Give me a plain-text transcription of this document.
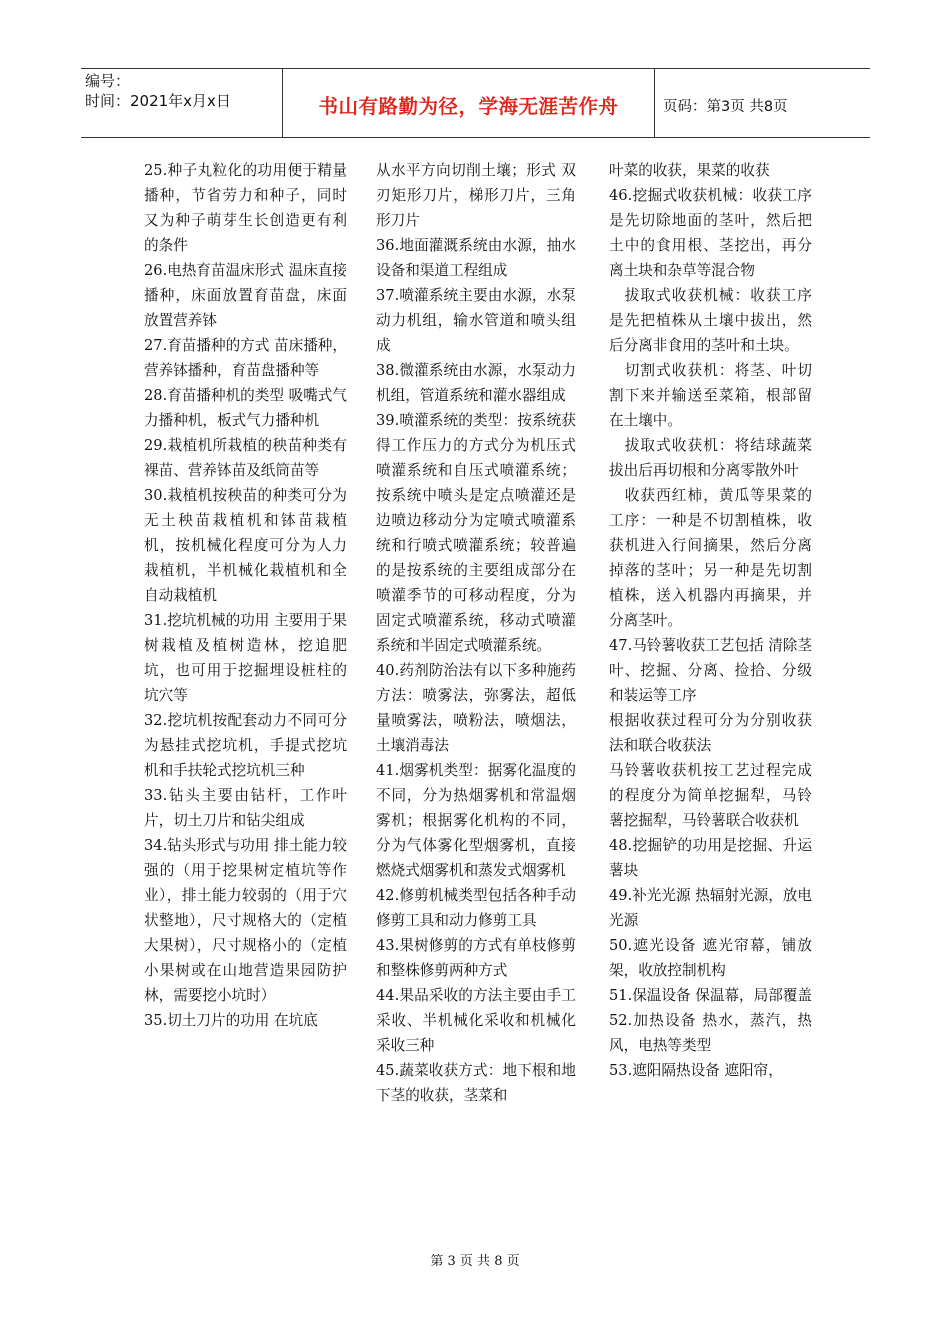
编号：
时间：2021年x月x日	书山有路勤为径，学海无涯苦作舟	页码：第3页 共8页

25.种子丸粒化的功用便于精量播种，节省劳力和种子，同时又为种子萌芽生长创造更有利的条件

26.电热育苗温床形式 温床直接播种，床面放置育苗盘，床面放置营养钵

27.育苗播种的方式 苗床播种，营养钵播种，育苗盘播种等

28.育苗播种机的类型 吸嘴式气力播种机，板式气力播种机

29.栽植机所栽植的秧苗种类有裸苗、营养钵苗及纸筒苗等

30.栽植机按秧苗的种类可分为无土秧苗栽植机和钵苗栽植机，按机械化程度可分为人力栽植机，半机械化栽植机和全自动栽植机

31.挖坑机械的功用 主要用于果树栽植及植树造林，挖追肥坑，也可用于挖掘埋设桩柱的坑穴等

32.挖坑机按配套动力不同可分为悬挂式挖坑机，手提式挖坑机和手扶轮式挖坑机三种

33.钻头主要由钻杆，工作叶片，切土刀片和钻尖组成

34.钻头形式与功用 排土能力较强的（用于挖果树定植坑等作业），排土能力较弱的（用于穴状整地），尺寸规格大的（定植大果树），尺寸规格小的（定植小果树或在山地营造果园防护林，需要挖小坑时）

35.切土刀片的功用 在坑底

从水平方向切削土壤；形式 双刃矩形刀片，梯形刀片，三角形刀片

36.地面灌溉系统由水源，抽水设备和渠道工程组成

37.喷灌系统主要由水源，水泵动力机组，输水管道和喷头组成

38.微灌系统由水源，水泵动力机组，管道系统和灌水器组成

39.喷灌系统的类型：按系统获得工作压力的方式分为机压式喷灌系统和自压式喷灌系统；按系统中喷头是定点喷灌还是边喷边移动分为定喷式喷灌系统和行喷式喷灌系统；较普遍的是按系统的主要组成部分在喷灌季节的可移动程度，分为固定式喷灌系统，移动式喷灌系统和半固定式喷灌系统。

40.药剂防治法有以下多种施药方法：喷雾法，弥雾法，超低量喷雾法，喷粉法，喷烟法，土壤消毒法

41.烟雾机类型：据雾化温度的不同，分为热烟雾机和常温烟雾机；根据雾化机构的不同，分为气体雾化型烟雾机，直接燃烧式烟雾机和蒸发式烟雾机

42.修剪机械类型包括各种手动修剪工具和动力修剪工具

43.果树修剪的方式有单枝修剪和整株修剪两种方式

44.果品采收的方法主要由手工采收、半机械化采收和机械化采收三种

45.蔬菜收获方式：地下根和地下茎的收获，茎菜和

叶菜的收获，果菜的收获

46.挖掘式收获机械：收获工序是先切除地面的茎叶，然后把土中的食用根、茎挖出，再分离土块和杂草等混合物

　拔取式收获机械：收获工序是先把植株从土壤中拔出，然后分离非食用的茎叶和土块。

　切割式收获机：将茎、叶切割下来并输送至菜箱，根部留在土壤中。

　拔取式收获机：将结球蔬菜拔出后再切根和分离零散外叶

　收获西红柿，黄瓜等果菜的工序：一种是不切割植株，收获机进入行间摘果，然后分离掉落的茎叶；另一种是先切割植株，送入机器内再摘果，并分离茎叶。

47.马铃薯收获工艺包括 清除茎叶、挖掘、分离、捡拾、分级和装运等工序

根据收获过程可分为分别收获法和联合收获法

马铃薯收获机按工艺过程完成的程度分为简单挖掘犁，马铃薯挖掘犁，马铃薯联合收获机

48.挖掘铲的功用是挖掘、升运薯块

49.补光光源 热辐射光源，放电光源

50.遮光设备 遮光帘幕，铺放架，收放控制机构

51.保温设备 保温幕，局部覆盖

52.加热设备 热水，蒸汽，热风，电热等类型

53.遮阳隔热设备 遮阳帘，

第 3 页 共 8 页
